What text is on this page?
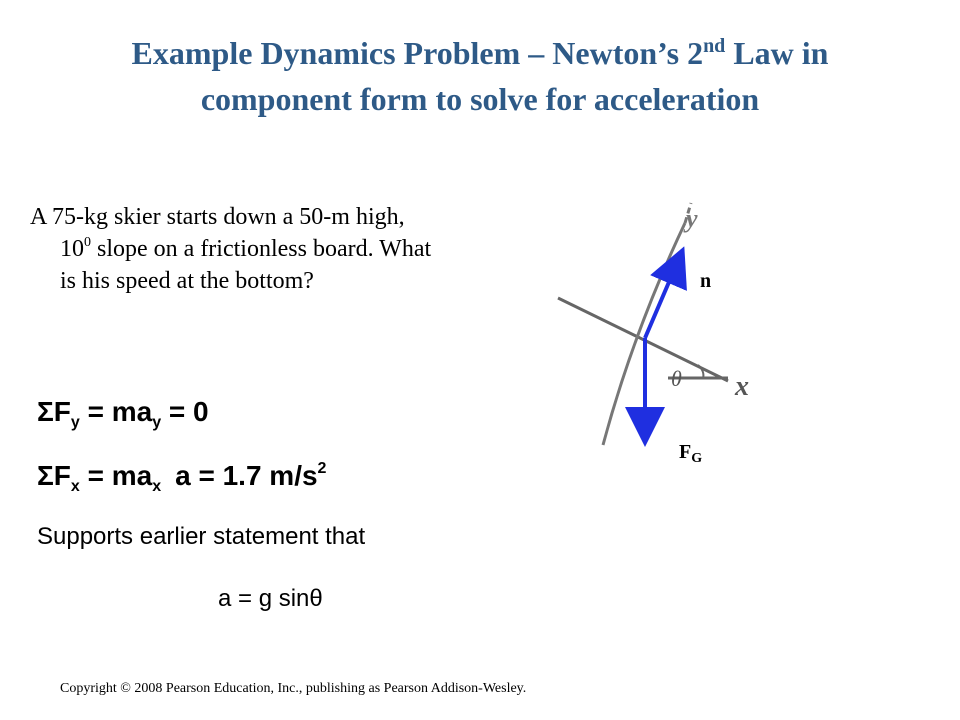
Example Dynamics Problem – Newton’s 2nd Law in
component form to solve for acceleration
A 75-kg skier starts down a 50-m high, $10^0$ slope on a frictionless board. What is his speed at the bottom?
$\Sigma F_y = ma_y = 0$
$\Sigma F_x = ma_x$ a = 1.7 $m/s^2$
Supports earlier statement that
a = g sinθ
y
x
θ
n
$F_G$
Copyright © 2008 Pearson Education, Inc., publishing as Pearson Addison-Wesley.
